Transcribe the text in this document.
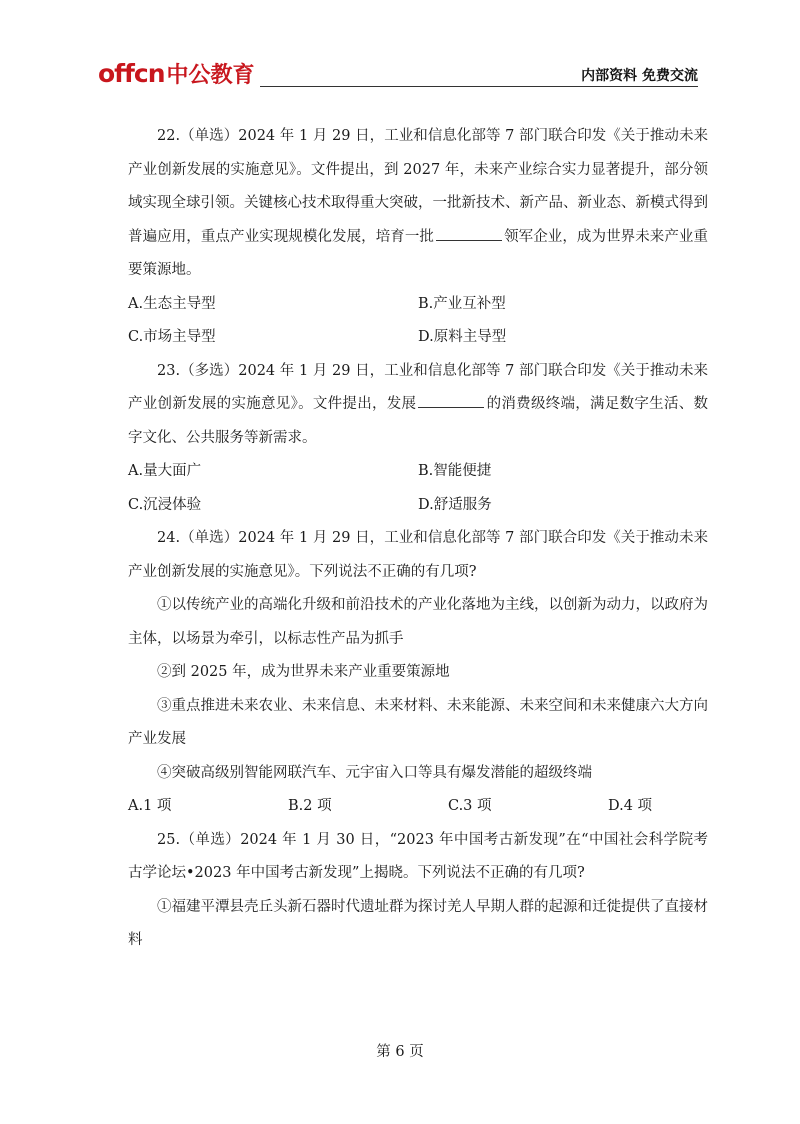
offcn 中公教育	内部资料 免费交流

22.（单选）2024 年 1 月 29 日，工业和信息化部等 7 部门联合印发《关于推动未来产业创新发展的实施意见》。文件提出，到 2027 年，未来产业综合实力显著提升，部分领域实现全球引领。关键核心技术取得重大突破，一批新技术、新产品、新业态、新模式得到普遍应用，重点产业实现规模化发展，培育一批	领军企业，成为世界未来产业重要策源地。

A.生态主导型	B.产业互补型
C.市场主导型	D.原料主导型

23.（多选）2024 年 1 月 29 日，工业和信息化部等 7 部门联合印发《关于推动未来产业创新发展的实施意见》。文件提出，发展	的消费级终端，满足数字生活、数字文化、公共服务等新需求。

A.量大面广	B.智能便捷
C.沉浸体验	D.舒适服务

24.（单选）2024 年 1 月 29 日，工业和信息化部等 7 部门联合印发《关于推动未来产业创新发展的实施意见》。下列说法不正确的有几项?

①以传统产业的高端化升级和前沿技术的产业化落地为主线，以创新为动力，以政府为主体，以场景为牵引，以标志性产品为抓手

②到 2025 年，成为世界未来产业重要策源地

③重点推进未来农业、未来信息、未来材料、未来能源、未来空间和未来健康六大方向产业发展

④突破高级别智能网联汽车、元宇宙入口等具有爆发潜能的超级终端

A.1 项	B.2 项	C.3 项	D.4 项

25.（单选）2024 年 1 月 30 日，“2023 年中国考古新发现”在“中国社会科学院考古学论坛•2023 年中国考古新发现”上揭晓。下列说法不正确的有几项?

①福建平潭县壳丘头新石器时代遗址群为探讨羌人早期人群的起源和迁徙提供了直接材料

第 6 页
